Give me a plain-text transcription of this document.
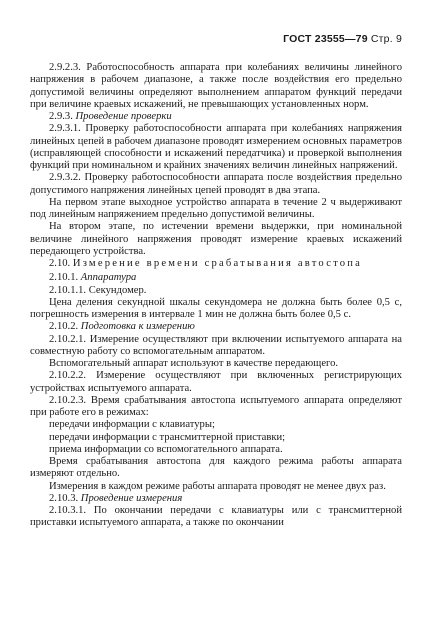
ГОСТ 23555—79 Стр. 9

2.9.2.3. Работоспособность аппарата при колебаниях величины линейного напряжения в рабочем диапазоне, а также после воздействия его предельно допустимой величины определяют выполнением аппаратом функций передачи при величине краевых искажений, не превышающих установленных норм.

2.9.3. Проведение проверки

2.9.3.1. Проверку работоспособности аппарата при колебаниях напряжения линейных цепей в рабочем диапазоне проводят измерением основных параметров (исправляющей способности и искажений передатчика) и проверкой выполнения функций при номинальном и крайних значениях величин линейных напряжений.

2.9.3.2. Проверку работоспособности аппарата после воздействия предельно допустимого напряжения линейных цепей проводят в два этапа.

На первом этапе выходное устройство аппарата в течение 2 ч выдерживают под линейным напряжением предельно допустимой величины.

На втором этапе, по истечении времени выдержки, при номинальной величине линейного напряжения проводят измерение краевых искажений передающего устройства.

2.10. Измерение времени срабатывания автостопа

2.10.1. Аппаратура

2.10.1.1. Секундомер.

Цена деления секундной шкалы секундомера не должна быть более 0,5 с, погрешность измерения в интервале 1 мин не должна быть более 0,5 с.

2.10.2. Подготовка к измерению

2.10.2.1. Измерение осуществляют при включении испытуемого аппарата на совместную работу со вспомогательным аппаратом.

Вспомогательный аппарат используют в качестве передающего.

2.10.2.2. Измерение осуществляют при включенных регистрирующих устройствах испытуемого аппарата.

2.10.2.3. Время срабатывания автостопа испытуемого аппарата определяют при работе его в режимах:

передачи информации с клавиатуры;

передачи информации с трансмиттерной приставки;

приема информации со вспомогательного аппарата.

Время срабатывания автостопа для каждого режима работы аппарата измеряют отдельно.

Измерения в каждом режиме работы аппарата проводят не менее двух раз.

2.10.3. Проведение измерения

2.10.3.1. По окончании передачи с клавиатуры или с трансмиттерной приставки испытуемого аппарата, а также по окончании
